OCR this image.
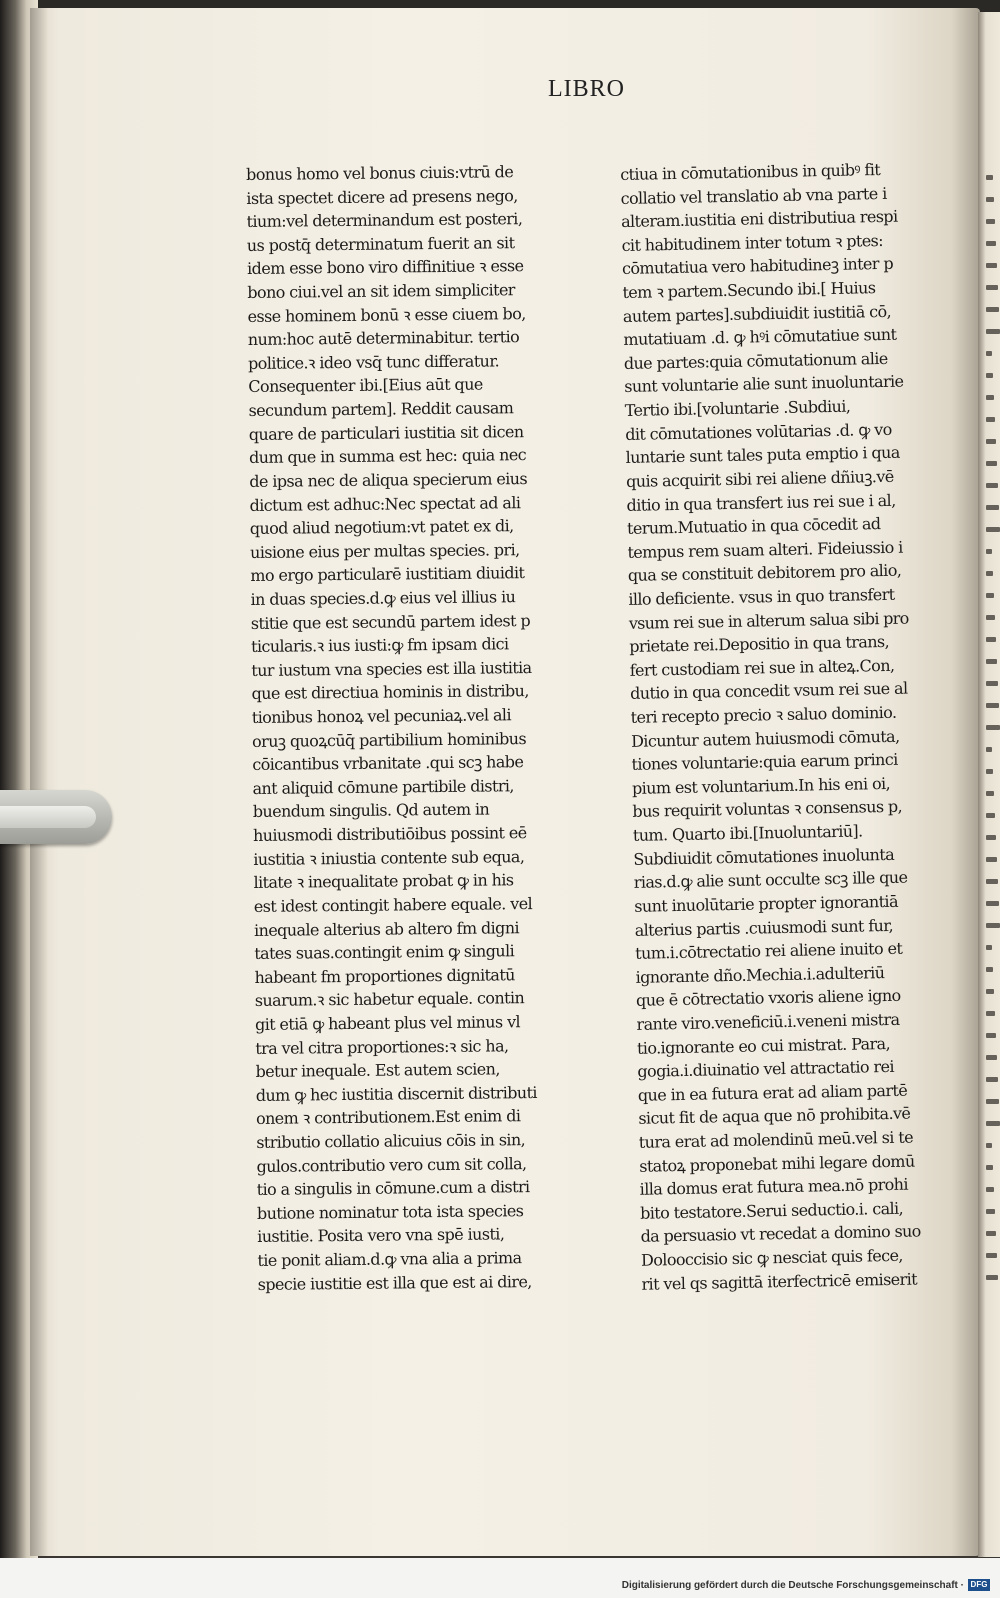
LIBRO
bonus homo vel bonus ciuis:vtrū de
ista spectet dicere ad presens nego,
tium:vel determinandum est posteri,
us postq̄ determinatum fuerit an sit
idem esse bono viro diffinitiue ꝛ esse
bono ciui.vel an sit idem simpliciter
esse hominem bonū ꝛ esse ciuem bo,
num:hoc autē determinabitur. tertio
politice.ꝛ ideo vsq̄ tunc differatur.
Consequenter ibi.[Eius aūt que
secundum partem]. Reddit causam
quare de particulari iustitia sit dicen
dum que in summa est hec: quia nec
de ipsa nec de aliqua specierum eius
dictum est adhuc:Nec spectat ad ali
quod aliud negotium:vt patet ex di,
uisione eius per multas species. pri,
mo ergo particularē iustitiam diuidit
in duas species.d.ꝙ eius vel illius iu
stitie que est secundū partem idest p
ticularis.ꝛ ius iusti:ꝙ fm ipsam dici
tur iustum vna species est illa iustitia
que est directiua hominis in distribu,
tionibus honoꝝ vel pecuniaꝝ.vel ali
oruꝫ quoꝝcūq̄ partibilium hominibus
cōicantibus vrbanitate .qui scꝫ habe
ant aliquid cōmune partibile distri,
buendum singulis. Qd autem in
huiusmodi distributiōibus possint eē
iustitia ꝛ iniustia contente sub equa,
litate ꝛ inequalitate probat ꝙ in his
est idest contingit habere equale. vel
inequale alterius ab altero fm digni
tates suas.contingit enim ꝙ singuli
habeant fm proportiones dignitatū
suarum.ꝛ sic habetur equale. contin
git etiā ꝙ habeant plus vel minus vl
tra vel citra proportiones:ꝛ sic ha,
betur inequale. Est autem scien,
dum ꝙ hec iustitia discernit distributi
onem ꝛ contributionem.Est enim di
stributio collatio alicuius cōis in sin,
gulos.contributio vero cum sit colla,
tio a singulis in cōmune.cum a distri
butione nominatur tota ista species
iustitie. Posita vero vna spē iusti,
tie ponit aliam.d.ꝙ vna alia a prima
specie iustitie est illa que est ai dire,
ctiua in cōmutationibus in quibꝰ fit
collatio vel translatio ab vna parte i
alteram.iustitia eni distributiua respi
cit habitudinem inter totum ꝛ ptes:
cōmutatiua vero habitudineꝫ inter p
tem ꝛ partem.Secundo ibi.[ Huius
autem partes].subdiuidit iustitiā cō,
mutatiuam .d. ꝙ hꝰi cōmutatiue sunt
due partes:quia cōmutationum alie
sunt voluntarie alie sunt inuoluntarie
Tertio ibi.[voluntarie .Subdiui,
dit cōmutationes volūtarias .d. ꝙ vo
luntarie sunt tales puta emptio i qua
quis acquirit sibi rei aliene dñiuꝫ.vē
ditio in qua transfert ius rei sue i al,
terum.Mutuatio in qua cōcedit ad
tempus rem suam alteri. Fideiussio i
qua se constituit debitorem pro alio,
illo deficiente. vsus in quo transfert
vsum rei sue in alterum salua sibi pro
prietate rei.Depositio in qua trans,
fert custodiam rei sue in alteꝝ.Con,
dutio in qua concedit vsum rei sue al
teri recepto precio ꝛ saluo dominio.
Dicuntur autem huiusmodi cōmuta,
tiones voluntarie:quia earum princi
pium est voluntarium.In his eni oi,
bus requirit voluntas ꝛ consensus p,
tum. Quarto ibi.[Inuoluntariū].
Subdiuidit cōmutationes inuolunta
rias.d.ꝙ alie sunt occulte scꝫ ille que
sunt inuolūtarie propter ignorantiā
alterius partis .cuiusmodi sunt fur,
tum.i.cōtrectatio rei aliene inuito et
ignorante dño.Mechia.i.adulteriū
que ē cōtrectatio vxoris aliene igno
rante viro.veneficiū.i.veneni mistra
tio.ignorante eo cui mistrat. Para,
gogia.i.diuinatio vel attractatio rei
que in ea futura erat ad aliam partē
sicut fit de aqua que nō prohibita.vē
tura erat ad molendinū meū.vel si te
statoꝝ proponebat mihi legare domū
illa domus erat futura mea.nō prohi
bito testatore.Serui seductio.i. cali,
da persuasio vt recedat a domino suo
Dolooccisio sic ꝙ nesciat quis fece,
rit vel qs sagittā iterfectricē emiserit
Digitalisierung gefördert durch die Deutsche Forschungsgemeinschaft · DFG
